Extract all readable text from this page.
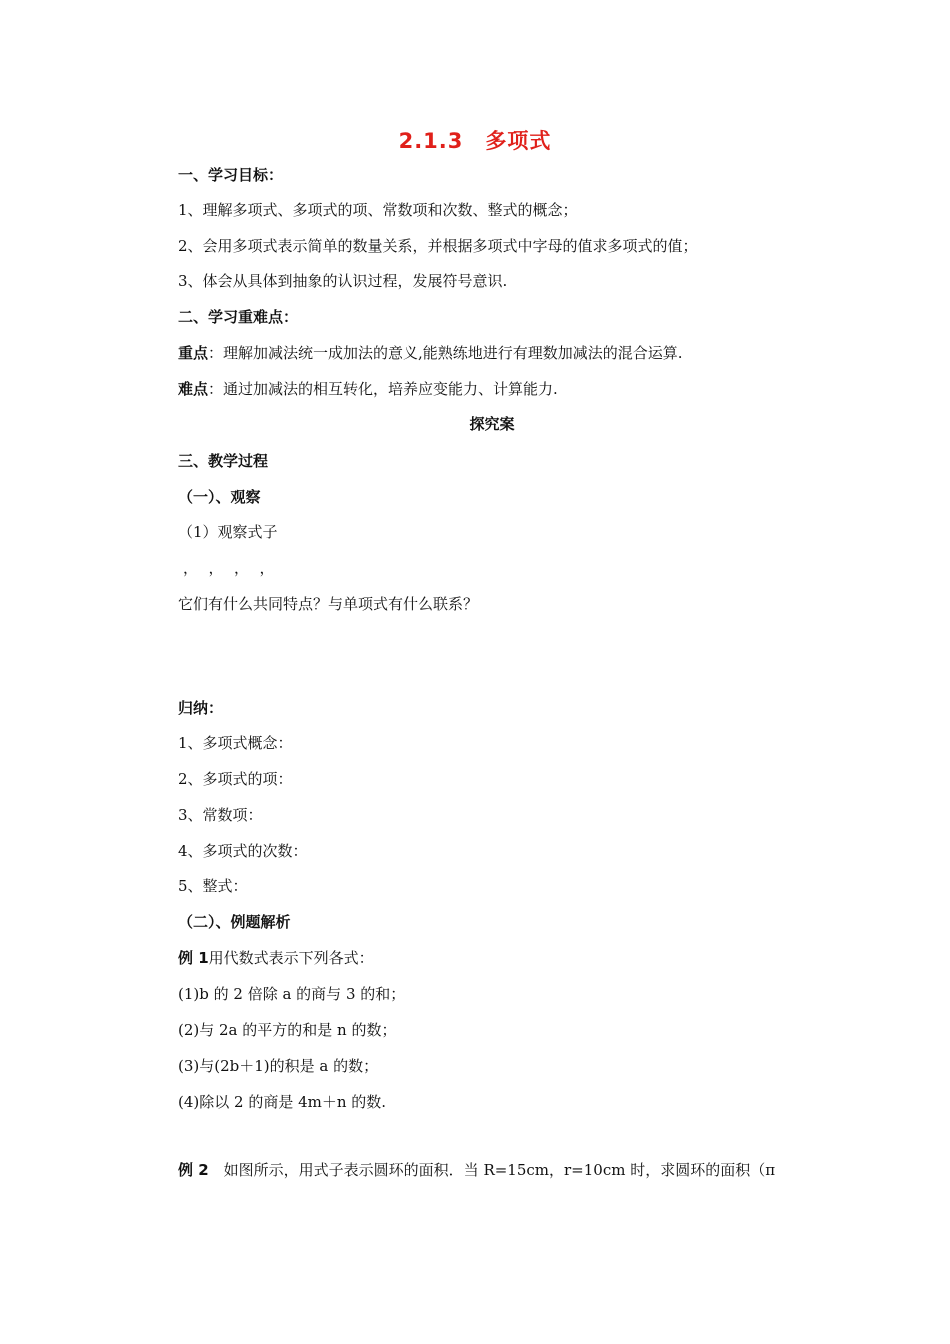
2.1.3　多项式
一、学习目标：
1、理解多项式、多项式的项、常数项和次数、整式的概念；
2、会用多项式表示简单的数量关系，并根据多项式中字母的值求多项式的值；
3、体会从具体到抽象的认识过程，发展符号意识.
二、学习重难点：
重点：理解加减法统一成加法的意义,能熟练地进行有理数加减法的混合运算.
难点：通过加减法的相互转化，培养应变能力、计算能力.
探究案
三、教学过程
（一）、观察
（1）观察式子
，，，，
它们有什么共同特点？与单项式有什么联系？
归纳：
1、多项式概念：
2、多项式的项：
3、常数项：
4、多项式的次数：
5、整式：
（二）、例题解析
例 1用代数式表示下列各式：
(1)b 的 2 倍除 a 的商与 3 的和；
(2)与 2a 的平方的和是 n 的数；
(3)与(2b＋1)的积是 a 的数；
(4)除以 2 的商是 4m＋n 的数.
例 2　如图所示，用式子表示圆环的面积．当 R=15cm，r=10cm 时，求圆环的面积（π
